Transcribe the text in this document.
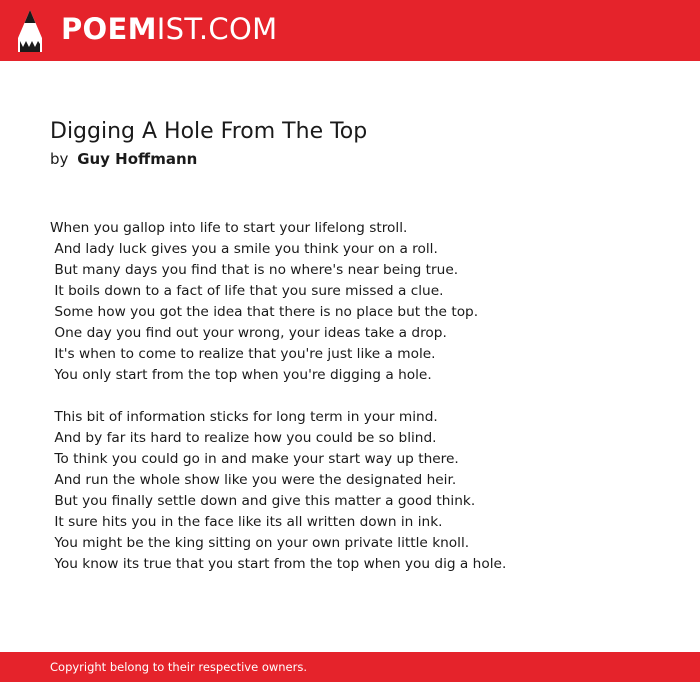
POEMIST.COM
Digging A Hole From The Top
by Guy Hoffmann
When you gallop into life to start your lifelong stroll.
And lady luck gives you a smile you think your on a roll.
But many days you find that is no where's near being true.
It boils down to a fact of life that you sure missed a clue.
Some how you got the idea that there is no place but the top.
One day you find out your wrong, your ideas take a drop.
It's when to come to realize that you're just like a mole.
You only start from the top when you're digging a hole.
This bit of information sticks for long term in your mind.
And by far its hard to realize how you could be so blind.
To think you could go in and make your start way up there.
And run the whole show like you were the designated heir.
But you finally settle down and give this matter a good think.
It sure hits you in the face like its all written down in ink.
You might be the king sitting on your own private little knoll.
You know its true that you start from the top when you dig a hole.
Copyright belong to their respective owners.
